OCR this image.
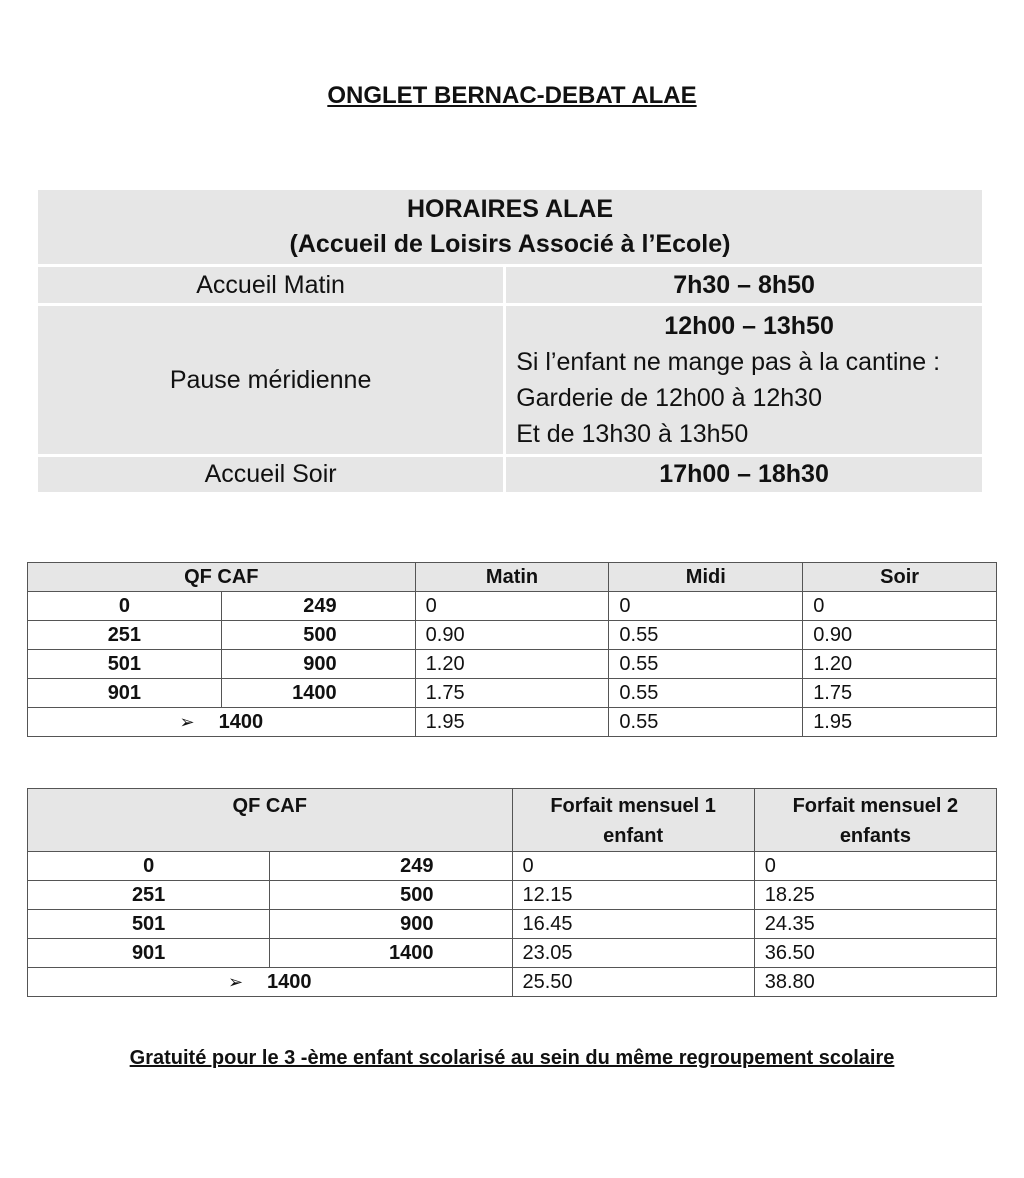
ONGLET BERNAC-DEBAT ALAE
HORAIRES ALAE
(Accueil de Loisirs Associé à l’Ecole)	

Accueil Matin	7h30 – 8h50
Pause méridienne	12h00 – 13h50
Si l’enfant ne mange pas à la cantine :
Garderie de 12h00 à 12h30
Et de 13h30 à 13h50

Accueil Soir	17h00 – 18h30
QF CAF		Matin	Midi	Soir
0	249	0	0	0
251	500	0.90	0.55	0.90
501	900	1.20	0.55	1.20
901	1400	1.75	0.55	1.75
➢ 1400		1.95	0.55	1.95
QF CAF		Forfait mensuel 1 enfant	Forfait mensuel 2 enfants
0	249	0	0
251	500	12.15	18.25
501	900	16.45	24.35
901	1400	23.05	36.50
➢ 1400		25.50	38.80
Gratuité pour le 3 -ème enfant scolarisé au sein du même regroupement scolaire
